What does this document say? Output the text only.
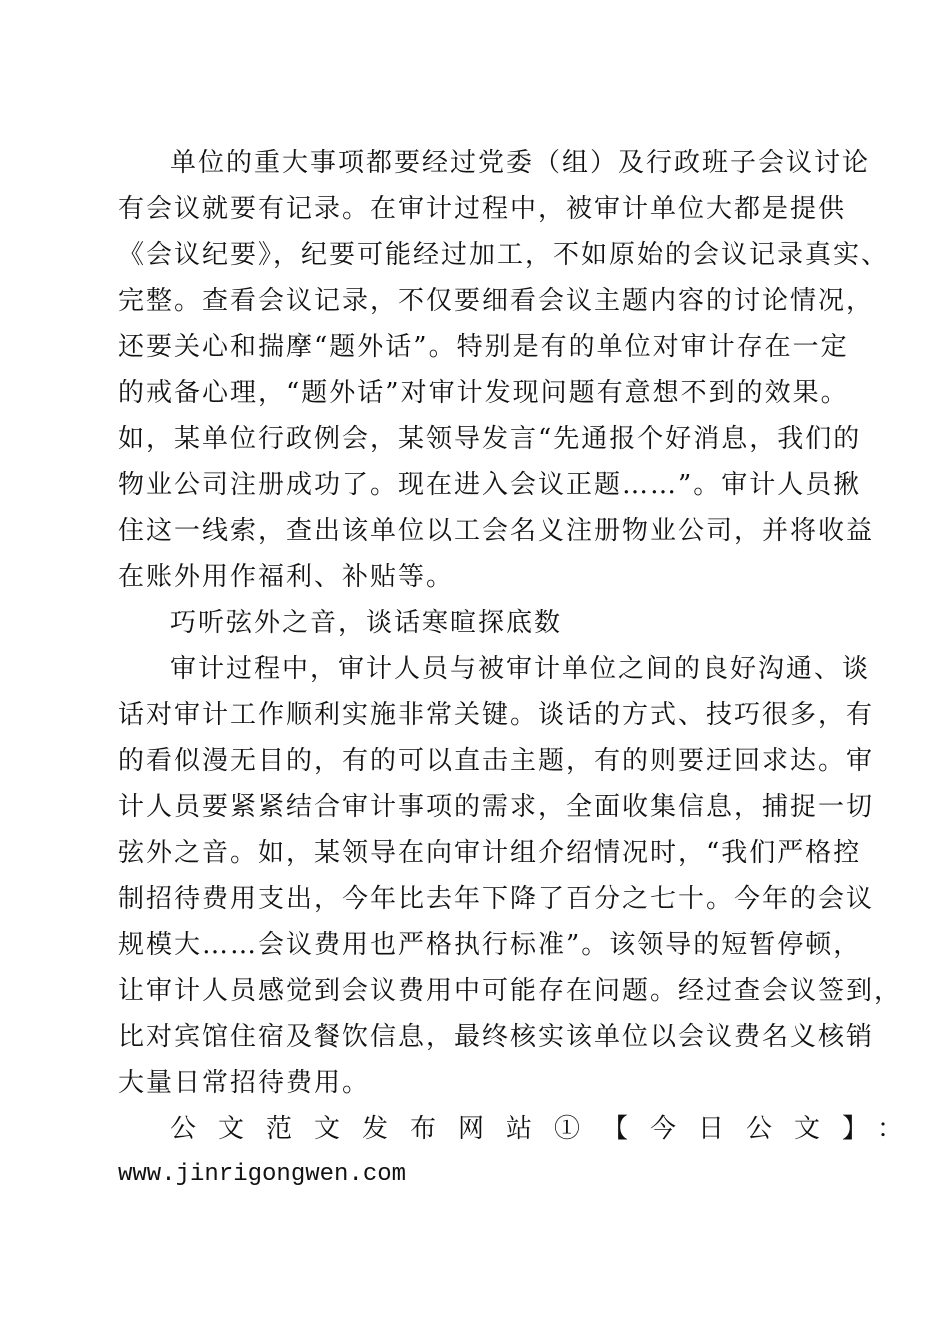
单位的重大事项都要经过党委（组）及行政班子会议讨论
有会议就要有记录。在审计过程中，被审计单位大都是提供
《会议纪要》，纪要可能经过加工，不如原始的会议记录真实、
完整。查看会议记录，不仅要细看会议主题内容的讨论情况，
还要关心和揣摩“题外话”。特别是有的单位对审计存在一定
的戒备心理，“题外话”对审计发现问题有意想不到的效果。
如，某单位行政例会，某领导发言“先通报个好消息，我们的
物业公司注册成功了。现在进入会议正题……”。审计人员揪
住这一线索，查出该单位以工会名义注册物业公司，并将收益
在账外用作福利、补贴等。
巧听弦外之音，谈话寒暄探底数
审计过程中，审计人员与被审计单位之间的良好沟通、谈
话对审计工作顺利实施非常关键。谈话的方式、技巧很多，有
的看似漫无目的，有的可以直击主题，有的则要迂回求达。审
计人员要紧紧结合审计事项的需求，全面收集信息，捕捉一切
弦外之音。如，某领导在向审计组介绍情况时，“我们严格控
制招待费用支出，今年比去年下降了百分之七十。今年的会议
规模大……会议费用也严格执行标准”。该领导的短暂停顿，
让审计人员感觉到会议费用中可能存在问题。经过查会议签到，
比对宾馆住宿及餐饮信息，最终核实该单位以会议费名义核销
大量日常招待费用。
公文范文发布网站①【今日公文】：
www.jinrigongwen.com
